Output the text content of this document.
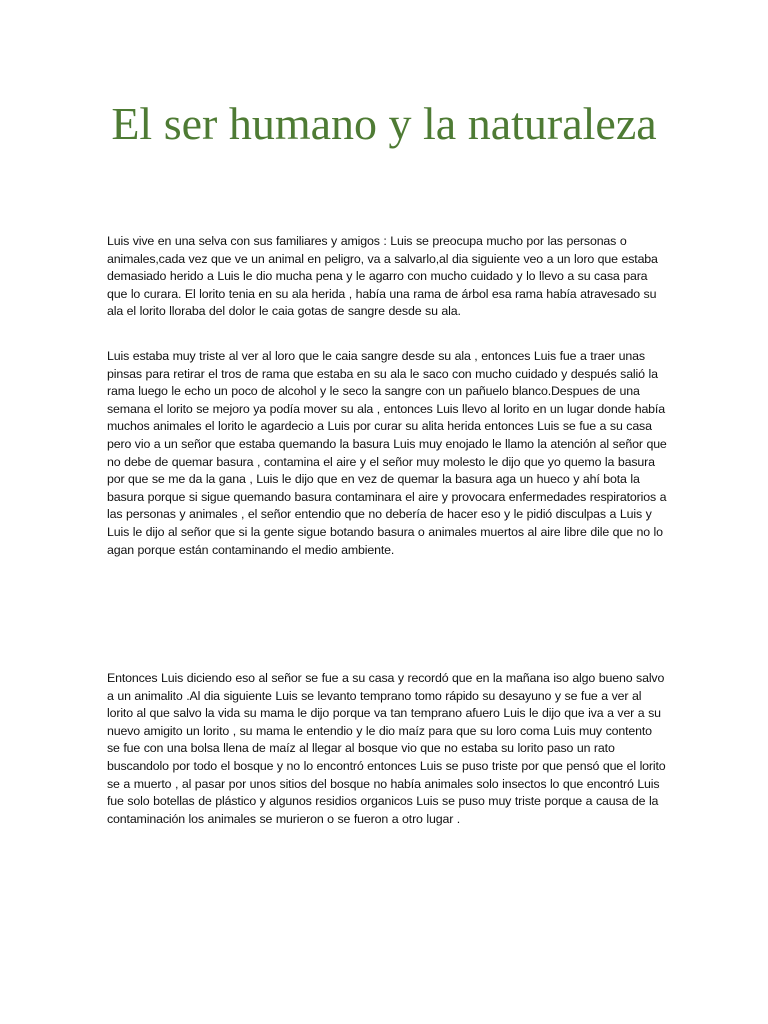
El ser humano y la naturaleza

Luis vive en una selva con sus familiares y amigos : Luis se preocupa mucho por las personas o animales,cada vez que ve un animal en peligro, va a salvarlo,al dia siguiente veo a un loro que estaba demasiado herido a Luis le dio mucha pena y le agarro con mucho cuidado y lo llevo a su casa para que lo curara. El lorito tenia en su ala herida , había una rama de árbol esa rama había atravesado su ala el lorito lloraba del dolor le caia gotas de sangre desde su ala.

Luis estaba muy triste al ver al loro que le caia sangre desde su ala , entonces Luis fue a traer unas pinsas para retirar el tros de rama que estaba en su ala le saco con mucho cuidado y después salió la rama luego le echo un poco de alcohol y le seco la sangre con un pañuelo blanco.Despues de una semana el lorito se mejoro ya podía mover su ala , entonces Luis llevo al lorito en un lugar donde había muchos animales el lorito le agardecio a Luis por curar su alita herida entonces Luis se fue a su casa pero vio a un señor que estaba quemando la basura Luis muy enojado le llamo la atención al señor que no debe de quemar basura , contamina el aire y el señor muy molesto le dijo que yo quemo la basura por que se me da la gana , Luis le dijo que en vez de quemar la basura aga un hueco y ahí bota la basura porque si sigue quemando basura contaminara el aire y provocara enfermedades respiratorios a las personas y animales , el señor entendio que no debería de hacer eso y le pidió disculpas a Luis y Luis le dijo al señor que si la gente sigue botando basura o animales muertos al aire libre dile que no lo agan porque están contaminando el medio ambiente.

Entonces Luis diciendo eso al señor se fue a su casa y recordó que en la mañana iso algo bueno salvo a un animalito .Al dia siguiente Luis se levanto temprano tomo rápido su desayuno y se fue a ver al lorito al que salvo la vida su mama le dijo porque va tan temprano afuero Luis le dijo que iva a ver a su nuevo amigito un lorito , su mama le entendio y le dio maíz para que su loro coma Luis muy contento se fue con una bolsa llena de maíz al llegar al bosque vio que no estaba su lorito paso un rato buscandolo por todo el bosque y no lo encontró entonces Luis se puso triste por que pensó que el lorito se a muerto , al pasar por unos sitios del bosque no había animales solo insectos lo que encontró Luis fue solo botellas de plástico y algunos residios organicos Luis se puso muy triste porque a causa de la contaminación los animales se murieron o se fueron a otro lugar .
